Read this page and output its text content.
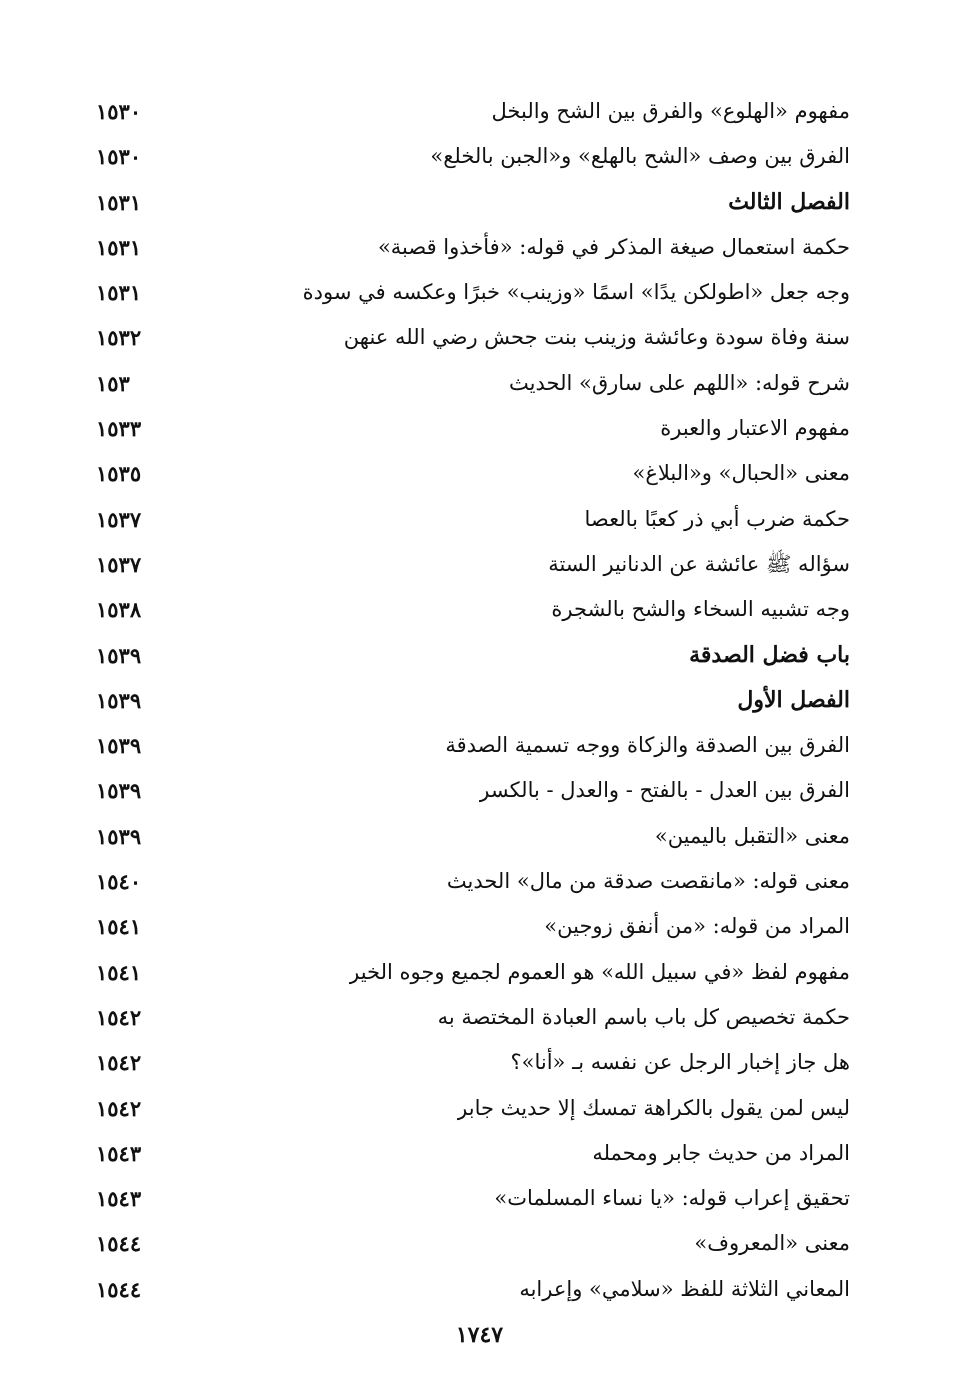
مفهوم «الهلوع» والفرق بين الشح والبخل
١٥٣٠
الفرق بين وصف «الشح بالهلع» و«الجبن بالخلع»
١٥٣٠
الفصل الثالث
١٥٣١
حكمة استعمال صيغة المذكر في قوله: «فأخذوا قصبة»
١٥٣١
وجه جعل «اطولكن يدًا» اسمًا «وزينب» خبرًا وعكسه في سودة
١٥٣١
سنة وفاة سودة وعائشة وزينب بنت جحش رضي الله عنهن
١٥٣٢
شرح قوله: «اللهم على سارق» الحديث
١٥٣
مفهوم الاعتبار والعبرة
١٥٣٣
معنى «الحبال» و«البلاغ»
١٥٣٥
حكمة ضرب أبي ذر كعبًا بالعصا
١٥٣٧
سؤاله ﷺ عائشة عن الدنانير الستة
١٥٣٧
وجه تشبيه السخاء والشح بالشجرة
١٥٣٨
باب فضل الصدقة
١٥٣٩
الفصل الأول
١٥٣٩
الفرق بين الصدقة والزكاة ووجه تسمية الصدقة
١٥٣٩
الفرق بين العدل - بالفتح - والعدل - بالكسر
١٥٣٩
معنى «التقبل باليمين»
١٥٣٩
معنى قوله: «مانقصت صدقة من مال» الحديث
١٥٤٠
المراد من قوله: «من أنفق زوجين»
١٥٤١
مفهوم لفظ «في سبيل الله» هو العموم لجميع وجوه الخير
١٥٤١
حكمة تخصيص كل باب باسم العبادة المختصة به
١٥٤٢
هل جاز إخبار الرجل عن نفسه بـ «أنا»؟
١٥٤٢
ليس لمن يقول بالكراهة تمسك إلا حديث جابر
١٥٤٢
المراد من حديث جابر ومحمله
١٥٤٣
تحقيق إعراب قوله: «يا نساء المسلمات»
١٥٤٣
معنى «المعروف»
١٥٤٤
المعاني الثلاثة للفظ «سلامي» وإعرابه
١٥٤٤
١٧٤٧
